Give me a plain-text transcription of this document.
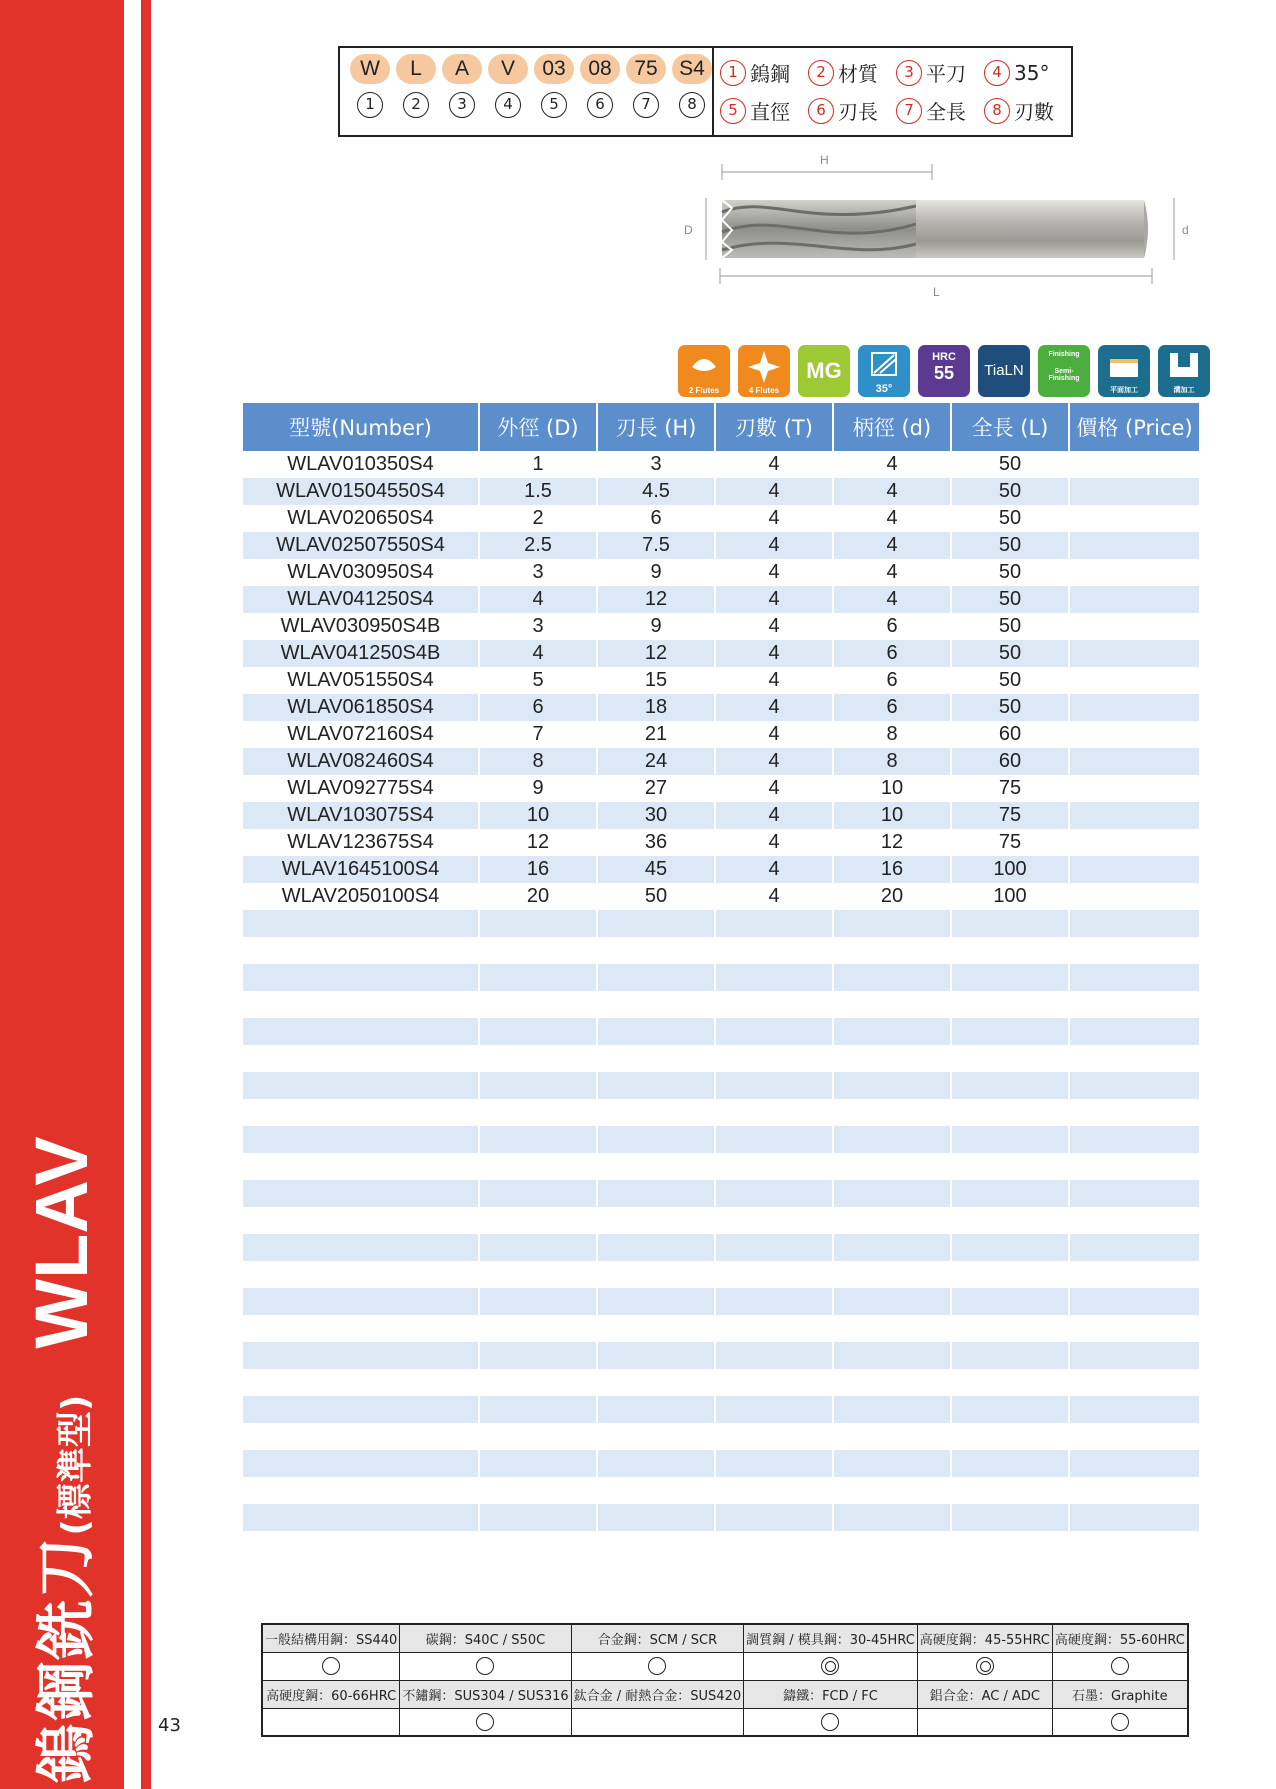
鎢鋼銑刀(標準型)WLAV
43
W	L	A	V	03	08	75	S4
1	2	3	4	5	6	7	8
1 鎢鋼	2 材質	3 平刀	4 35°
5 直徑	6 刃長	7 全長	8 刃數
H
D	d
L
2 Flutes	4 Flutes
MG
35°
HRC
55	TiaLN
Finishing
Semi-
Finishing
平面加工	溝加工
型號(Number)	外徑 (D)	刃長 (H)	刃數 (T)	柄徑 (d)	全長 (L)	價格 (Price)
WLAV010350S4	1	3	4	4	50	
WLAV01504550S4	1.5	4.5	4	4	50	
WLAV020650S4	2	6	4	4	50	
WLAV02507550S4	2.5	7.5	4	4	50	
WLAV030950S4	3	9	4	4	50	
WLAV041250S4	4	12	4	4	50	
WLAV030950S4B	3	9	4	6	50	
WLAV041250S4B	4	12	4	6	50	
WLAV051550S4	5	15	4	6	50	
WLAV061850S4	6	18	4	6	50	
WLAV072160S4	7	21	4	8	60	
WLAV082460S4	8	24	4	8	60	
WLAV092775S4	9	27	4	10	75	
WLAV103075S4	10	30	4	10	75	
WLAV123675S4	12	36	4	12	75	
WLAV1645100S4	16	45	4	16	100	
WLAV2050100S4	20	50	4	20	100	

一般結構用鋼：SS440	碳鋼：S40C / S50C	合金鋼：SCM / SCR	調質鋼 / 模具鋼：30-45HRC	高硬度鋼：45-55HRC	高硬度鋼：55-60HRC

高硬度鋼：60-66HRC	不鏽鋼：SUS304 / SUS316	鈦合金 / 耐熱合金：SUS420	鑄鐵：FCD / FC	鋁合金：AC / ADC	石墨：Graphite
